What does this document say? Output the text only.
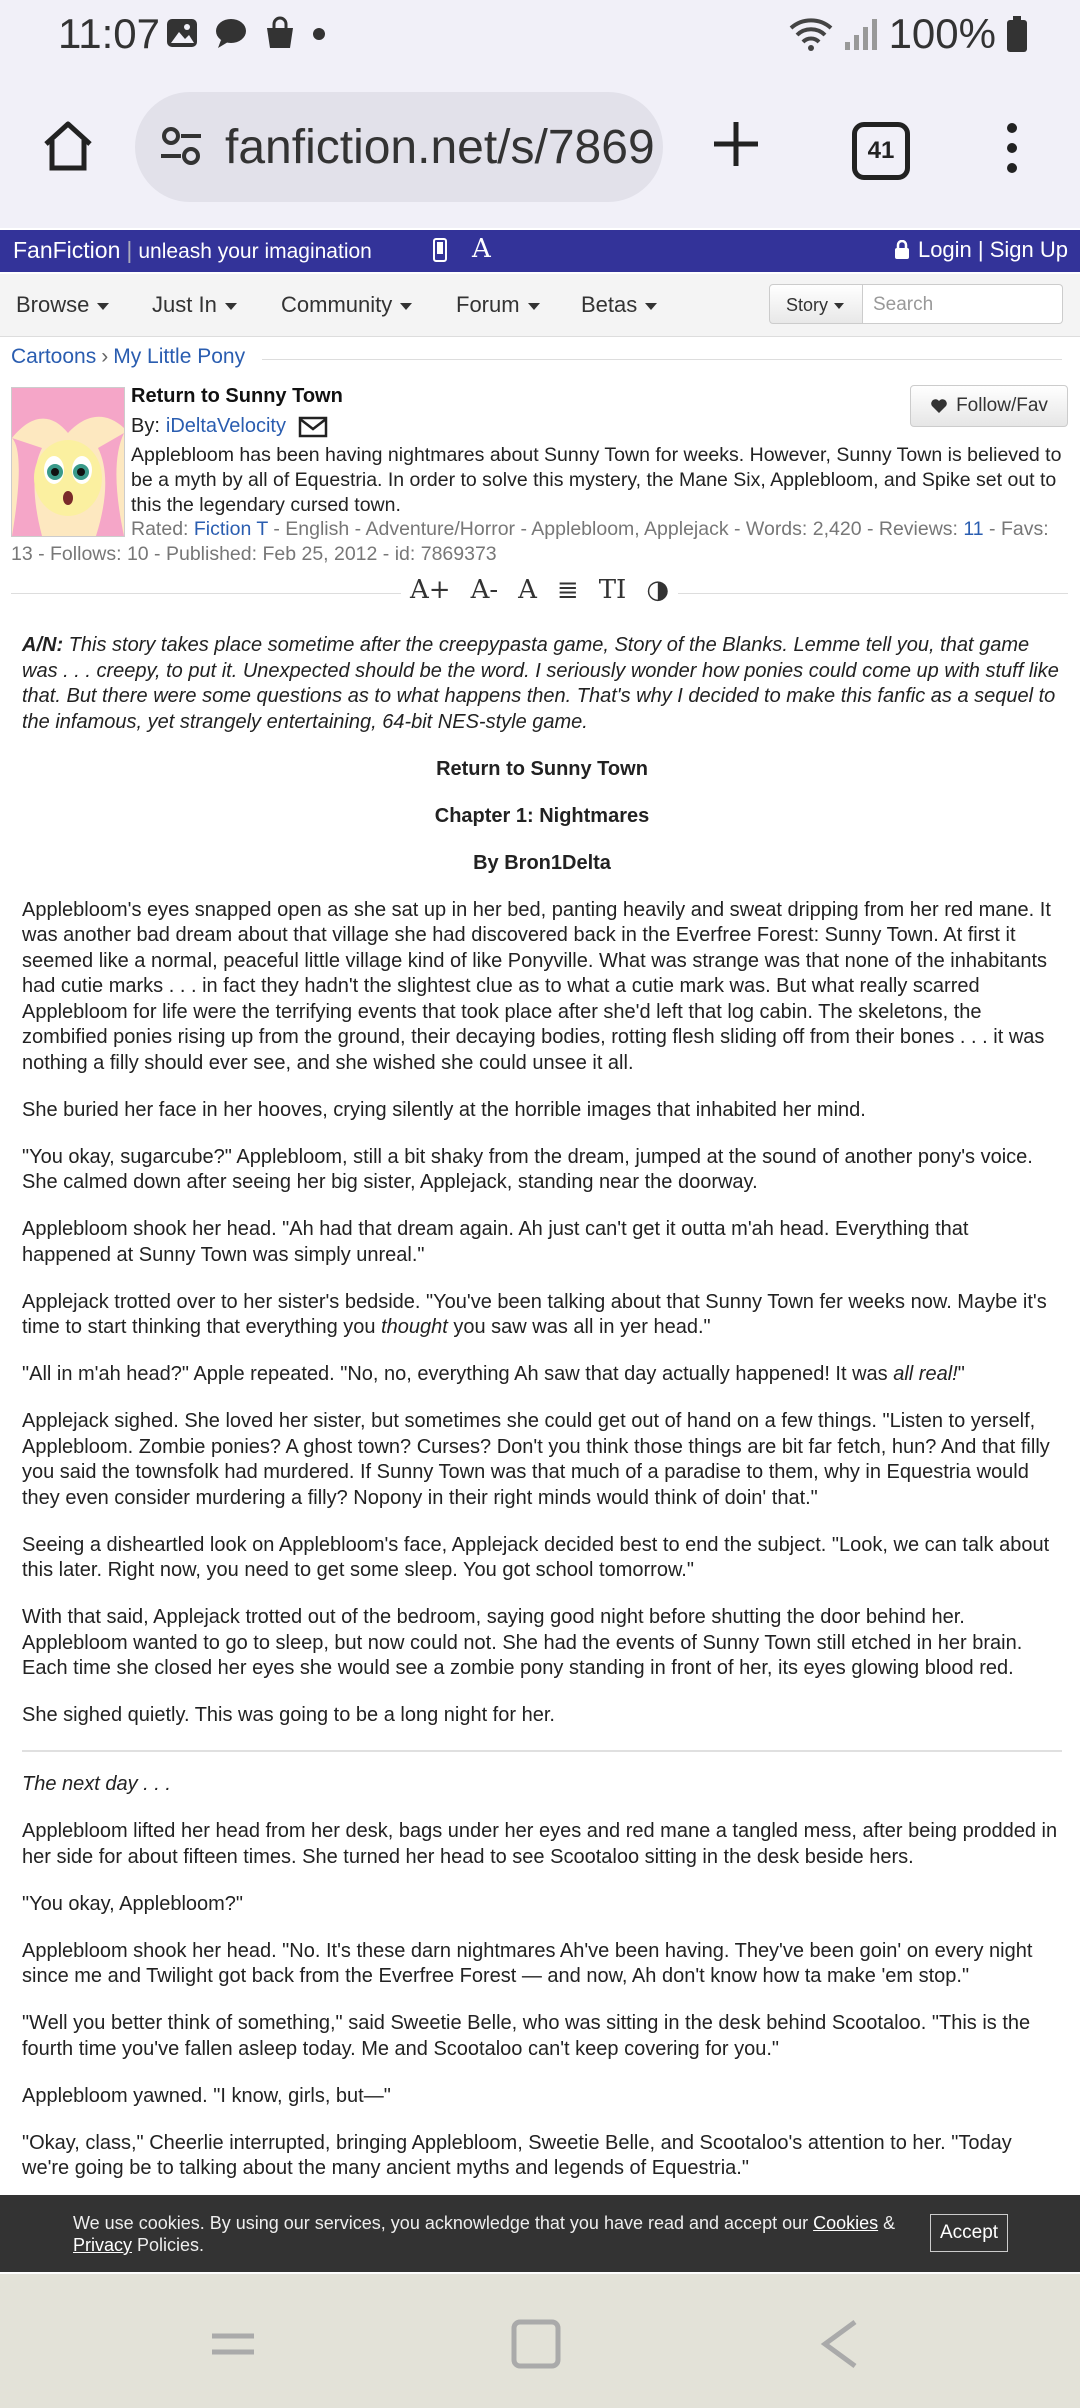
11:07	100%
fanfiction.net/s/7869	41
FanFiction | unleash your imagination	A	Login | Sign Up
Browse	Just In	Community	Forum	Betas	Story	Search
Cartoons › My Little Pony
Return to Sunny Town
By: iDeltaVelocity
Follow/Fav
Applebloom has been having nightmares about Sunny Town for weeks. However, Sunny Town is believed to be a myth by all of Equestria. In order to solve this mystery, the Mane Six, Applebloom, and Spike set out to this the legendary cursed town.
Rated: Fiction T - English - Adventure/Horror - Applebloom, Applejack - Words: 2,420 - Reviews: 11 - Favs: 13 - Follows: 10 - Published: Feb 25, 2012 - id: 7869373
A+ A- A ≣ TI ◑

A/N: This story takes place sometime after the creepypasta game, Story of the Blanks. Lemme tell you, that game was . . . creepy, to put it. Unexpected should be the word. I seriously wonder how ponies could come up with stuff like that. But there were some questions as to what happens then. That's why I decided to make this fanfic as a sequel to the infamous, yet strangely entertaining, 64-bit NES-style game.

Return to Sunny Town
Chapter 1: Nightmares
By Bron1Delta

Applebloom's eyes snapped open as she sat up in her bed, panting heavily and sweat dripping from her red mane. It was another bad dream about that village she had discovered back in the Everfree Forest: Sunny Town. At first it seemed like a normal, peaceful little village kind of like Ponyville. What was strange was that none of the inhabitants had cutie marks . . . in fact they hadn't the slightest clue as to what a cutie mark was. But what really scarred Applebloom for life were the terrifying events that took place after she'd left that log cabin. The skeletons, the zombified ponies rising up from the ground, their decaying bodies, rotting flesh sliding off from their bones . . . it was nothing a filly should ever see, and she wished she could unsee it all.

She buried her face in her hooves, crying silently at the horrible images that inhabited her mind.

"You okay, sugarcube?" Applebloom, still a bit shaky from the dream, jumped at the sound of another pony's voice. She calmed down after seeing her big sister, Applejack, standing near the doorway.

Applebloom shook her head. "Ah had that dream again. Ah just can't get it outta m'ah head. Everything that happened at Sunny Town was simply unreal."

Applejack trotted over to her sister's bedside. "You've been talking about that Sunny Town fer weeks now. Maybe it's time to start thinking that everything you thought you saw was all in yer head."

"All in m'ah head?" Apple repeated. "No, no, everything Ah saw that day actually happened! It was all real!"

Applejack sighed. She loved her sister, but sometimes she could get out of hand on a few things. "Listen to yerself, Applebloom. Zombie ponies? A ghost town? Curses? Don't you think those things are bit far fetch, hun? And that filly you said the townsfolk had murdered. If Sunny Town was that much of a paradise to them, why in Equestria would they even consider murdering a filly? Nopony in their right minds would think of doin' that."

Seeing a disheartled look on Applebloom's face, Applejack decided best to end the subject. "Look, we can talk about this later. Right now, you need to get some sleep. You got school tomorrow."

With that said, Applejack trotted out of the bedroom, saying good night before shutting the door behind her. Applebloom wanted to go to sleep, but now could not. She had the events of Sunny Town still etched in her brain. Each time she closed her eyes she would see a zombie pony standing in front of her, its eyes glowing blood red.

She sighed quietly. This was going to be a long night for her.

The next day . . .

Applebloom lifted her head from her desk, bags under her eyes and red mane a tangled mess, after being prodded in her side for about fifteen times. She turned her head to see Scootaloo sitting in the desk beside hers.

"You okay, Applebloom?"

Applebloom shook her head. "No. It's these darn nightmares Ah've been having. They've been goin' on every night since me and Twilight got back from the Everfree Forest — and now, Ah don't know how ta make 'em stop."

"Well you better think of something," said Sweetie Belle, who was sitting in the desk behind Scootaloo. "This is the fourth time you've fallen asleep today. Me and Scootaloo can't keep covering for you."

Applebloom yawned. "I know, girls, but—"

"Okay, class," Cheerlie interrupted, bringing Applebloom, Sweetie Belle, and Scootaloo's attention to her. "Today we're going be to talking about the many ancient myths and legends of Equestria."

We use cookies. By using our services, you acknowledge that you have read and accept our Cookies & Privacy Policies.
Accept
